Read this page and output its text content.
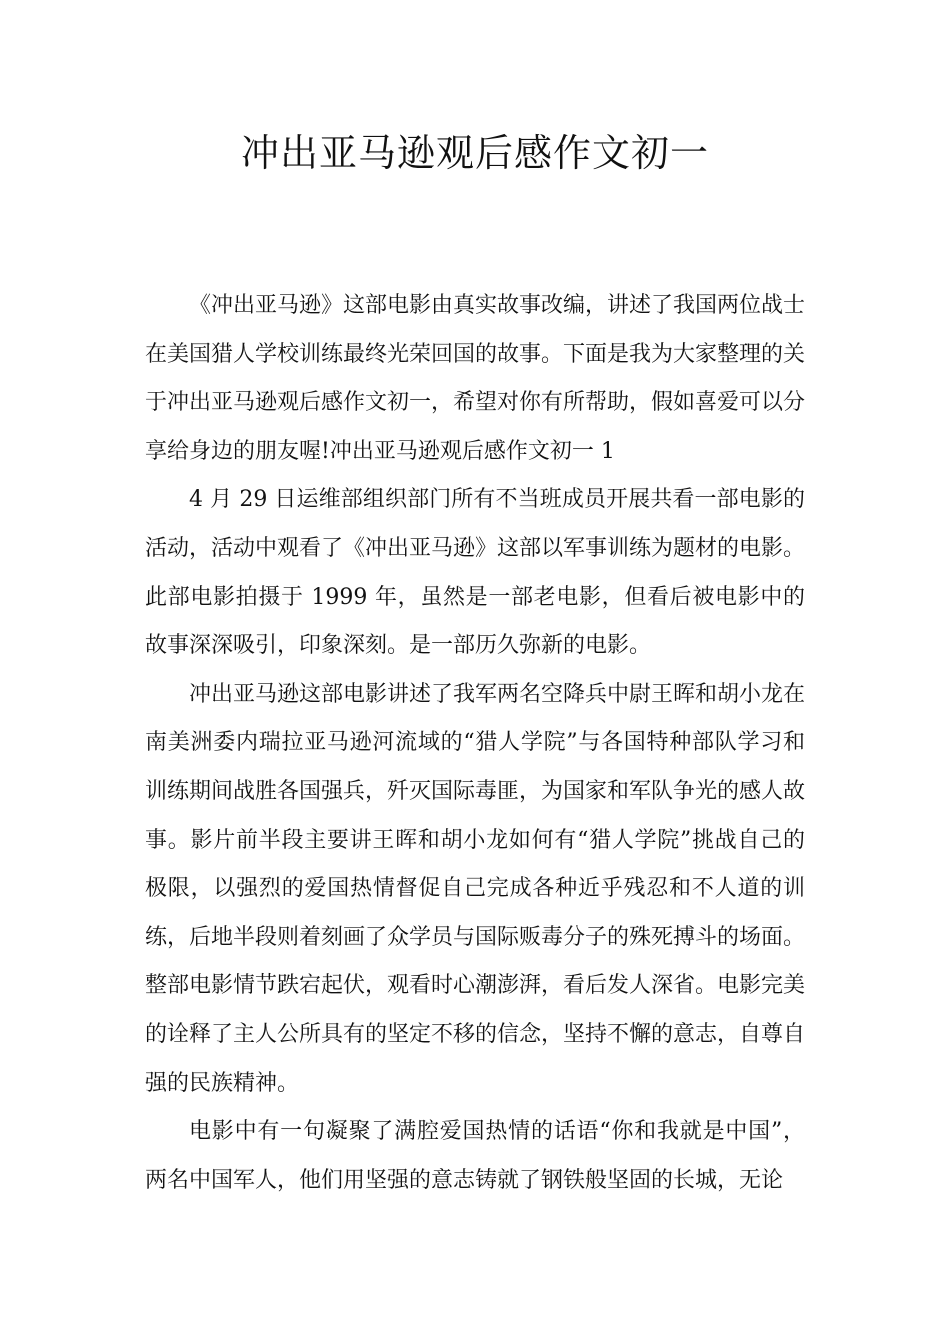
冲出亚马逊观后感作文初一

《冲出亚马逊》这部电影由真实故事改编，讲述了我国两位战士在美国猎人学校训练最终光荣回国的故事。下面是我为大家整理的关于冲出亚马逊观后感作文初一，希望对你有所帮助，假如喜爱可以分享给身边的朋友喔!冲出亚马逊观后感作文初一 1

4 月 29 日运维部组织部门所有不当班成员开展共看一部电影的活动，活动中观看了《冲出亚马逊》这部以军事训练为题材的电影。此部电影拍摄于 1999 年，虽然是一部老电影，但看后被电影中的故事深深吸引，印象深刻。是一部历久弥新的电影。

冲出亚马逊这部电影讲述了我军两名空降兵中尉王晖和胡小龙在南美洲委内瑞拉亚马逊河流域的“猎人学院”与各国特种部队学习和训练期间战胜各国强兵，歼灭国际毒匪，为国家和军队争光的感人故事。影片前半段主要讲王晖和胡小龙如何有“猎人学院”挑战自己的极限，以强烈的爱国热情督促自己完成各种近乎残忍和不人道的训练，后地半段则着刻画了众学员与国际贩毒分子的殊死搏斗的场面。整部电影情节跌宕起伏，观看时心潮澎湃，看后发人深省。电影完美的诠释了主人公所具有的坚定不移的信念，坚持不懈的意志，自尊自强的民族精神。

电影中有一句凝聚了满腔爱国热情的话语“你和我就是中国”，两名中国军人，他们用坚强的意志铸就了钢铁般坚固的长城，无论
